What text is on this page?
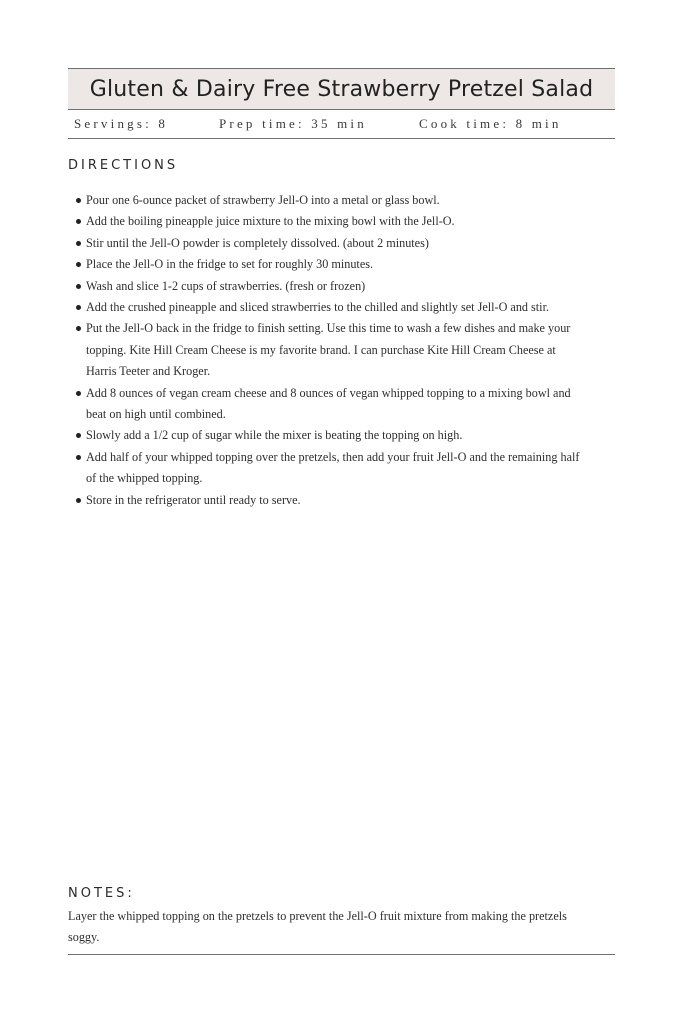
Gluten & Dairy Free Strawberry Pretzel Salad
Servings: 8	Prep time: 35 min	Cook time: 8 min
DIRECTIONS
Pour one 6-ounce packet of strawberry Jell-O into a metal or glass bowl.
Add the boiling pineapple juice mixture to the mixing bowl with the Jell-O.
Stir until the Jell-O powder is completely dissolved. (about 2 minutes)
Place the Jell-O in the fridge to set for roughly 30 minutes.
Wash and slice 1-2 cups of strawberries. (fresh or frozen)
Add the crushed pineapple and sliced strawberries to the chilled and slightly set Jell-O and stir.
Put the Jell-O back in the fridge to finish setting. Use this time to wash a few dishes and make your topping. Kite Hill Cream Cheese is my favorite brand. I can purchase Kite Hill Cream Cheese at Harris Teeter and Kroger.
Add 8 ounces of vegan cream cheese and 8 ounces of vegan whipped topping to a mixing bowl and beat on high until combined.
Slowly add a 1/2 cup of sugar while the mixer is beating the topping on high.
Add half of your whipped topping over the pretzels, then add your fruit Jell-O and the remaining half of the whipped topping.
Store in the refrigerator until ready to serve.
NOTES:

Layer the whipped topping on the pretzels to prevent the Jell-O fruit mixture from making the pretzels soggy.
